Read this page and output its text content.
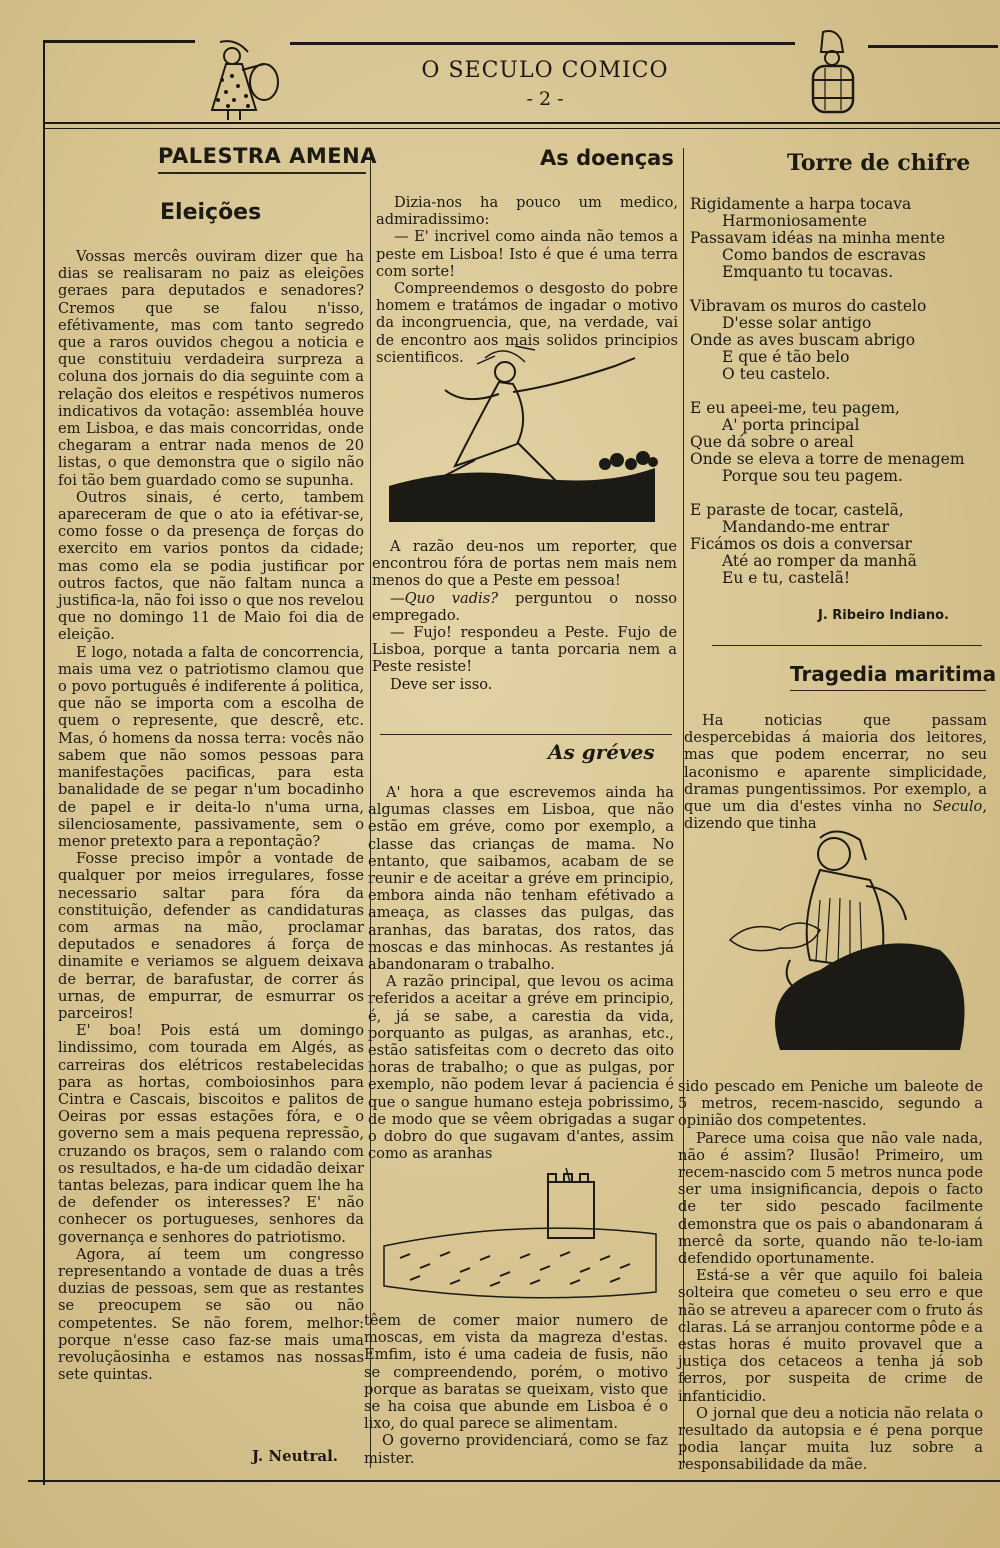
O SECULO COMICO
- 2 -
PALESTRA AMENA
Eleições

Vossas mercês ouviram dizer que ha dias se realisaram no paiz as eleições geraes para deputados e senadores? Cremos que se falou n'isso, efétivamente, mas com tanto segredo que a raros ouvidos chegou a noticia e que constituiu verdadeira surpreza a coluna dos jornais do dia seguinte com a relação dos eleitos e respétivos numeros indicativos da votação: assembléa houve em Lisboa, e das mais concorridas, onde chegaram a entrar nada menos de 20 listas, o que demonstra que o sigilo não foi tão bem guardado como se supunha.

Outros sinais, é certo, tambem apareceram de que o ato ia efétivar-se, como fosse o da presença de forças do exercito em varios pontos da cidade; mas como ela se podia justificar por outros factos, que não faltam nunca a justifica-la, não foi isso o que nos revelou que no domingo 11 de Maio foi dia de eleição.

E logo, notada a falta de concorrencia, mais uma vez o patriotismo clamou que o povo português é indiferente á politica, que não se importa com a escolha de quem o represente, que descrê, etc. Mas, ó homens da nossa terra: vocês não sabem que não somos pessoas para manifestações pacificas, para esta banalidade de se pegar n'um bocadinho de papel e ir deita-lo n'uma urna, silenciosamente, passivamente, sem o menor pretexto para a repontação?

Fosse preciso impôr a vontade de qualquer por meios irregulares, fosse necessario saltar para fóra da constituição, defender as candidaturas com armas na mão, proclamar deputados e senadores á força de dinamite e veriamos se alguem deixava de berrar, de barafustar, de correr ás urnas, de empurrar, de esmurrar os parceiros!

E' boa! Pois está um domingo lindissimo, com tourada em Algés, as carreiras dos elétricos restabelecidas para as hortas, comboiosinhos para Cintra e Cascais, biscoitos e palitos de Oeiras por essas estações fóra, e o governo sem a mais pequena repressão, cruzando os braços, sem o ralando com os resultados, e ha-de um cidadão deixar tantas belezas, para indicar quem lhe ha de defender os interesses? E' não conhecer os portugueses, senhores da governança e senhores do patriotismo.

Agora, aí teem um congresso representando a vontade de duas a três duzias de pessoas, sem que as restantes se preocupem se são ou não competentes. Se não forem, melhor: porque n'esse caso faz-se mais uma revoluçãosinha e estamos nas nossas sete quintas.

J. Neutral.
As doenças

Dizia-nos ha pouco um medico, admiradissimo:

— E' incrivel como ainda não temos a peste em Lisboa! Isto é que é uma terra com sorte!

Compreendemos o desgosto do pobre homem e tratámos de ingadar o motivo da incongruencia, que, na verdade, vai de encontro aos mais solidos principios scientificos.

A razão deu-nos um reporter, que encontrou fóra de portas nem mais nem menos do que a Peste em pessoa!

—Quo vadis? perguntou o nosso empregado.

— Fujo! respondeu a Peste. Fujo de Lisboa, porque a tanta porcaria nem a Peste resiste!

Deve ser isso.

As gréves

A' hora a que escrevemos ainda ha algumas classes em Lisboa, que não estão em gréve, como por exemplo, a classe das crianças de mama. No entanto, que saibamos, acabam de se reunir e de aceitar a gréve em principio, embora ainda não tenham efétivado a ameaça, as classes das pulgas, das aranhas, das baratas, dos ratos, das moscas e das minhocas. As restantes já abandonaram o trabalho.

A razão principal, que levou os acima referidos a aceitar a gréve em principio, é, já se sabe, a carestia da vida, porquanto as pulgas, as aranhas, etc., estão satisfeitas com o decreto das oito horas de trabalho; o que as pulgas, por exemplo, não podem levar á paciencia é que o sangue humano esteja pobrissimo, de modo que se vêem obrigadas a sugar o dobro do que sugavam d'antes, assim como as aranhas

têem de comer maior numero de moscas, em vista da magreza d'estas. Emfim, isto é uma cadeia de fusis, não se compreendendo, porém, o motivo porque as baratas se queixam, visto que se ha coisa que abunde em Lisboa é o lixo, do qual parece se alimentam.

O governo providenciará, como se faz mister.

Torre de chifre
Rigidamente a harpa tocava
Harmoniosamente
Passavam idéas na minha mente
Como bandos de escravas
Emquanto tu tocavas.
Vibravam os muros do castelo
D'esse solar antigo
Onde as aves buscam abrigo
E que é tão belo
O teu castelo.
E eu apeei-me, teu pagem,
A' porta principal
Que dá sobre o areal
Onde se eleva a torre de menagem
Porque sou teu pagem.
E paraste de tocar, castelã,
Mandando-me entrar
Ficámos os dois a conversar
Até ao romper da manhã
Eu e tu, castelã!
J. Ribeiro Indiano.
Tragedia maritima

Ha noticias que passam despercebidas á maioria dos leitores, mas que podem encerrar, no seu laconismo e aparente simplicidade, dramas pungentissimos. Por exemplo, a que um dia d'estes vinha no Seculo, dizendo que tinha

sido pescado em Peniche um baleote de 5 metros, recem-nascido, segundo a opinião dos competentes.

Parece uma coisa que não vale nada, não é assim? Ilusão! Primeiro, um recem-nascido com 5 metros nunca pode ser uma insignificancia, depois o facto de ter sido pescado facilmente demonstra que os pais o abandonaram á mercê da sorte, quando não te-lo-iam defendido oportunamente.

Está-se a vêr que aquilo foi baleia solteira que cometeu o seu erro e que não se atreveu a aparecer com o fruto ás claras. Lá se arranjou contorme pôde e a estas horas é muito provavel que a justiça dos cetaceos a tenha já sob ferros, por suspeita de crime de infanticidio.

O jornal que deu a noticia não relata o resultado da autopsia e é pena porque podia lançar muita luz sobre a responsabilidade da mãe.
